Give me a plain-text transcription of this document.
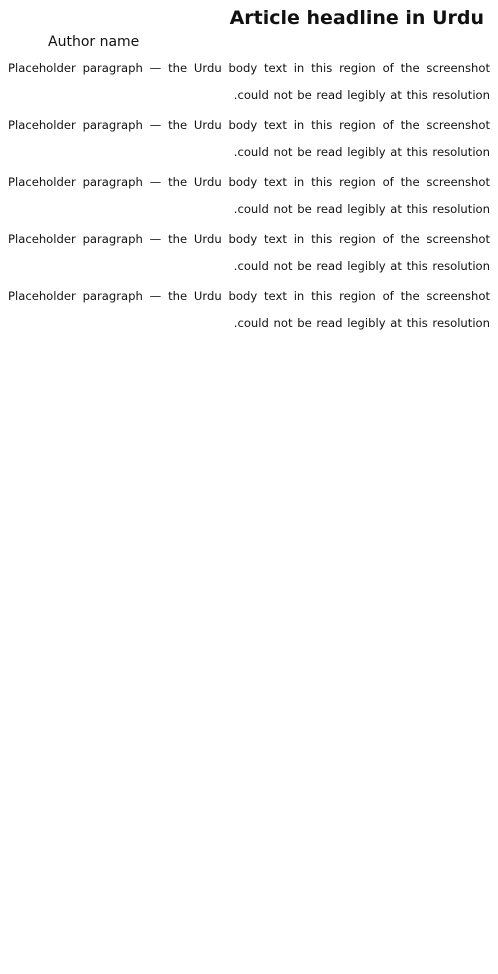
Article headline in Urdu
Author name

Placeholder paragraph — the Urdu body text in this region of the screenshot could not be read legibly at this resolution.

Placeholder paragraph — the Urdu body text in this region of the screenshot could not be read legibly at this resolution.

Placeholder paragraph — the Urdu body text in this region of the screenshot could not be read legibly at this resolution.

Placeholder paragraph — the Urdu body text in this region of the screenshot could not be read legibly at this resolution.

Placeholder paragraph — the Urdu body text in this region of the screenshot could not be read legibly at this resolution.
